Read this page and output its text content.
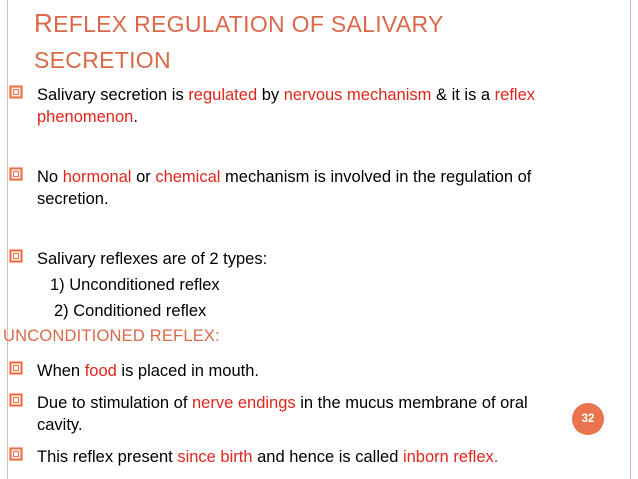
REFLEX REGULATION OF SALIVARY
SECRETION
Salivary secretion is regulated by nervous mechanism & it is a reflex
phenomenon.
No hormonal or chemical mechanism is involved in the regulation of
secretion.
Salivary reflexes are of 2 types:
1) Unconditioned reflex
2) Conditioned reflex
UNCONDITIONED REFLEX:
When food is placed in mouth.
Due to stimulation of nerve endings in the mucus membrane of oral
cavity.
This reflex present since birth and hence is called inborn reflex.
32
